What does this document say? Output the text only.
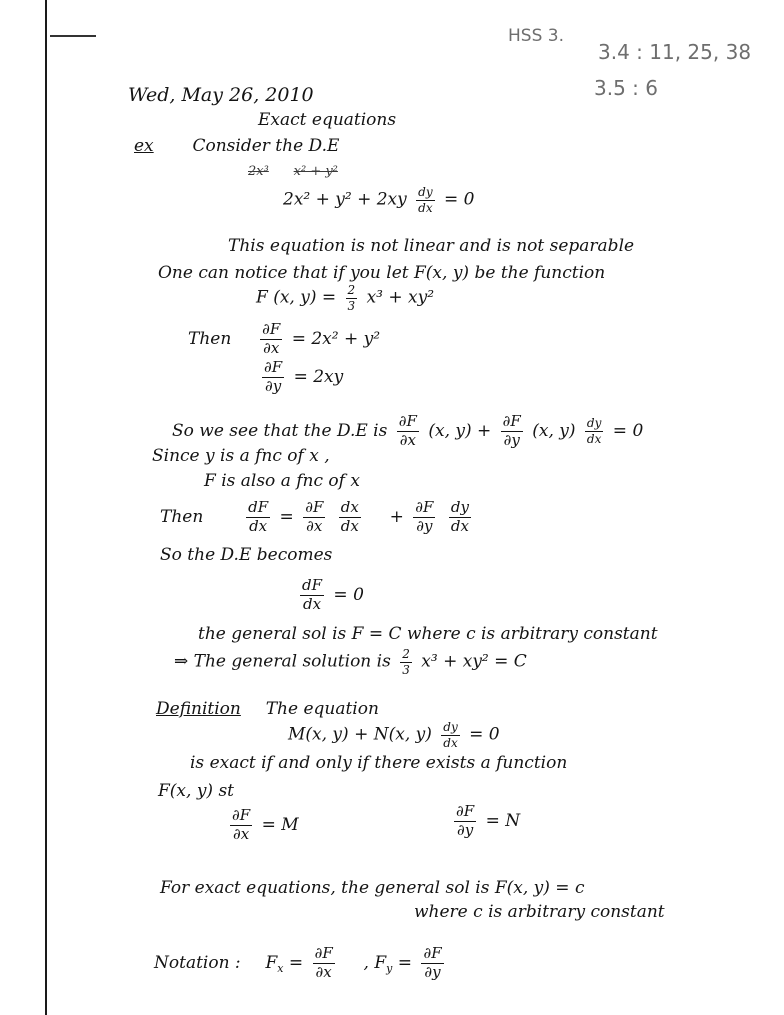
HSS 3.
3.4 : 11, 25, 38
3.5 : 6
Wed, May 26, 2010
Exact equations
ex Consider the D.E
2x³ x² + y²
$2x^2 + y^2 + 2xy \frac{dy}{dx} = 0$
This equation is not linear and is not separable
One can notice that if you let F(x, y) be the function
F (x, $y) = \frac{2}{3} x^3 + xy^2$
Then $\frac{\partial F}{\partial x} = 2x^2 + y^2$
$\frac{\partial F}{\partial y} = 2xy$
So we see that the D.E is $\frac{\partial F}{\partial x} (x$, $y) + \frac{\partial F}{\partial y} (x$, $y) \frac{dy}{dx} = 0$
Since y is a fnc of x ,
F is also a fnc of x
Then	$\frac{dF}{dx} = \frac{\partial F}{\partial x}$
$\frac{dx}{dx} + \frac{\partial F}{\partial y}$
$\frac{dy}{dx}$
So the D.E becomes
$\frac{dF}{dx} = 0$
the general sol is F = C where c is arbitrary constant
⇒ The general solution is $\frac{2}{3} x^3 + xy^2 = C$
Definition The equation
M(x, y) + N(x, $y) \frac{dy}{dx} = 0$
is exact if and only if there exists a function
F(x, y) st
$\frac{\partial F}{\partial x} = M$	$\frac{\partial F}{\partial y} = N$
For exact equations, the general sol is F(x, y) = c
where c is arbitrary constant
Notation : $F_x = \frac{\partial F}{\partial x}$ , $F_y = \frac{\partial F}{\partial y}$
